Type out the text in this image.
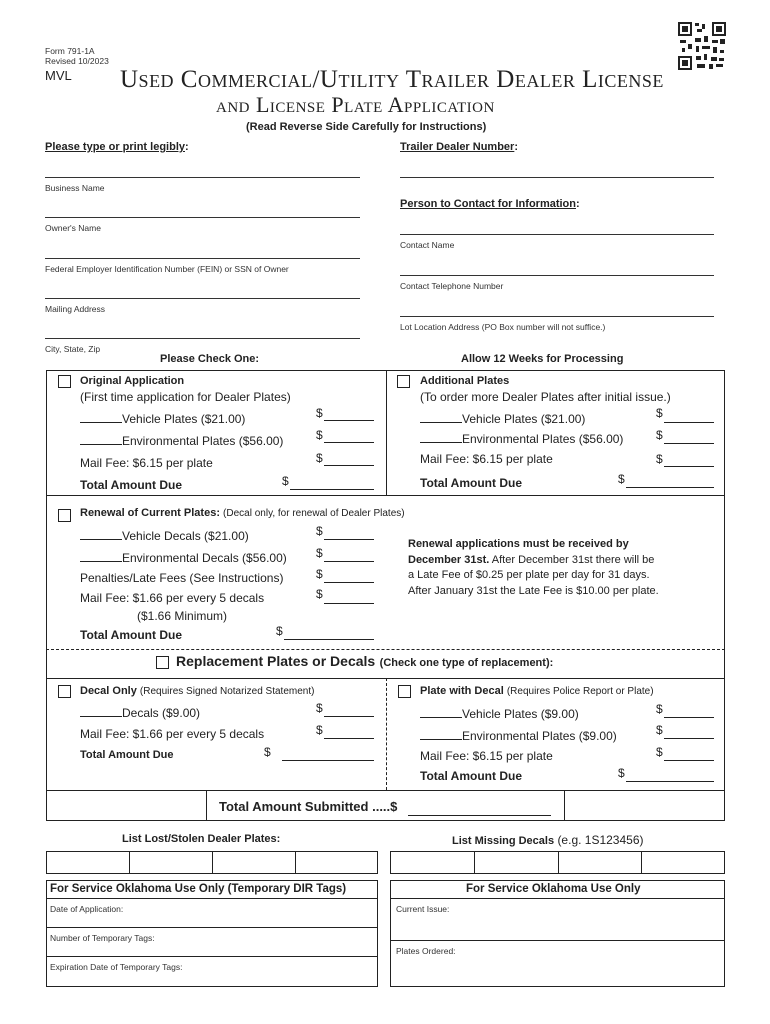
Form 791-1A
Revised 10/2023
MVL Used Commercial/Utility Trailer Dealer License
and License Plate Application
(Read Reverse Side Carefully for Instructions)
Please type or print legibly:
Business Name
Owner's Name
Federal Employer Identification Number (FEIN) or SSN of Owner
Mailing Address
City, State, Zip
Trailer Dealer Number:
Person to Contact for Information:
Contact Name
Contact Telephone Number
Lot Location Address (PO Box number will not suffice.)
Please Check One:	Allow 12 Weeks for Processing
Original Application
(First time application for Dealer Plates)
Vehicle Plates ($21.00)
Environmental Plates ($56.00)
Mail Fee: $6.15 per plate
Total Amount Due
$
$
$
$
Additional Plates
(To order more Dealer Plates after initial issue.)
Vehicle Plates ($21.00)
Environmental Plates ($56.00)
Mail Fee: $6.15 per plate
Total Amount Due
$
$
$
$
Renewal of Current Plates: (Decal only, for renewal of Dealer Plates)
Vehicle Decals ($21.00)
Environmental Decals ($56.00)
Penalties/Late Fees (See Instructions)
Mail Fee: $1.66 per every 5 decals
($1.66 Minimum)
Total Amount Due
$
$
$
$
$
Renewal applications must be received by
December 31st. After December 31st there will be
a Late Fee of $0.25 per plate per day for 31 days.
After January 31st the Late Fee is $10.00 per plate.
Replacement Plates or Decals (Check one type of replacement):
Decal Only (Requires Signed Notarized Statement)
Decals ($9.00)
Mail Fee: $1.66 per every 5 decals
Total Amount Due
$
$
$
Plate with Decal (Requires Police Report or Plate)
Vehicle Plates ($9.00)
Environmental Plates ($9.00)
Mail Fee: $6.15 per plate
Total Amount Due
$
$
$
$
Total Amount Submitted .....$
List Lost/Stolen Dealer Plates:	List Missing Decals (e.g. 1S123456)
For Service Oklahoma Use Only (Temporary DIR Tags)
Date of Application:
Number of Temporary Tags:
Expiration Date of Temporary Tags:
For Service Oklahoma Use Only
Current Issue:
Plates Ordered:
